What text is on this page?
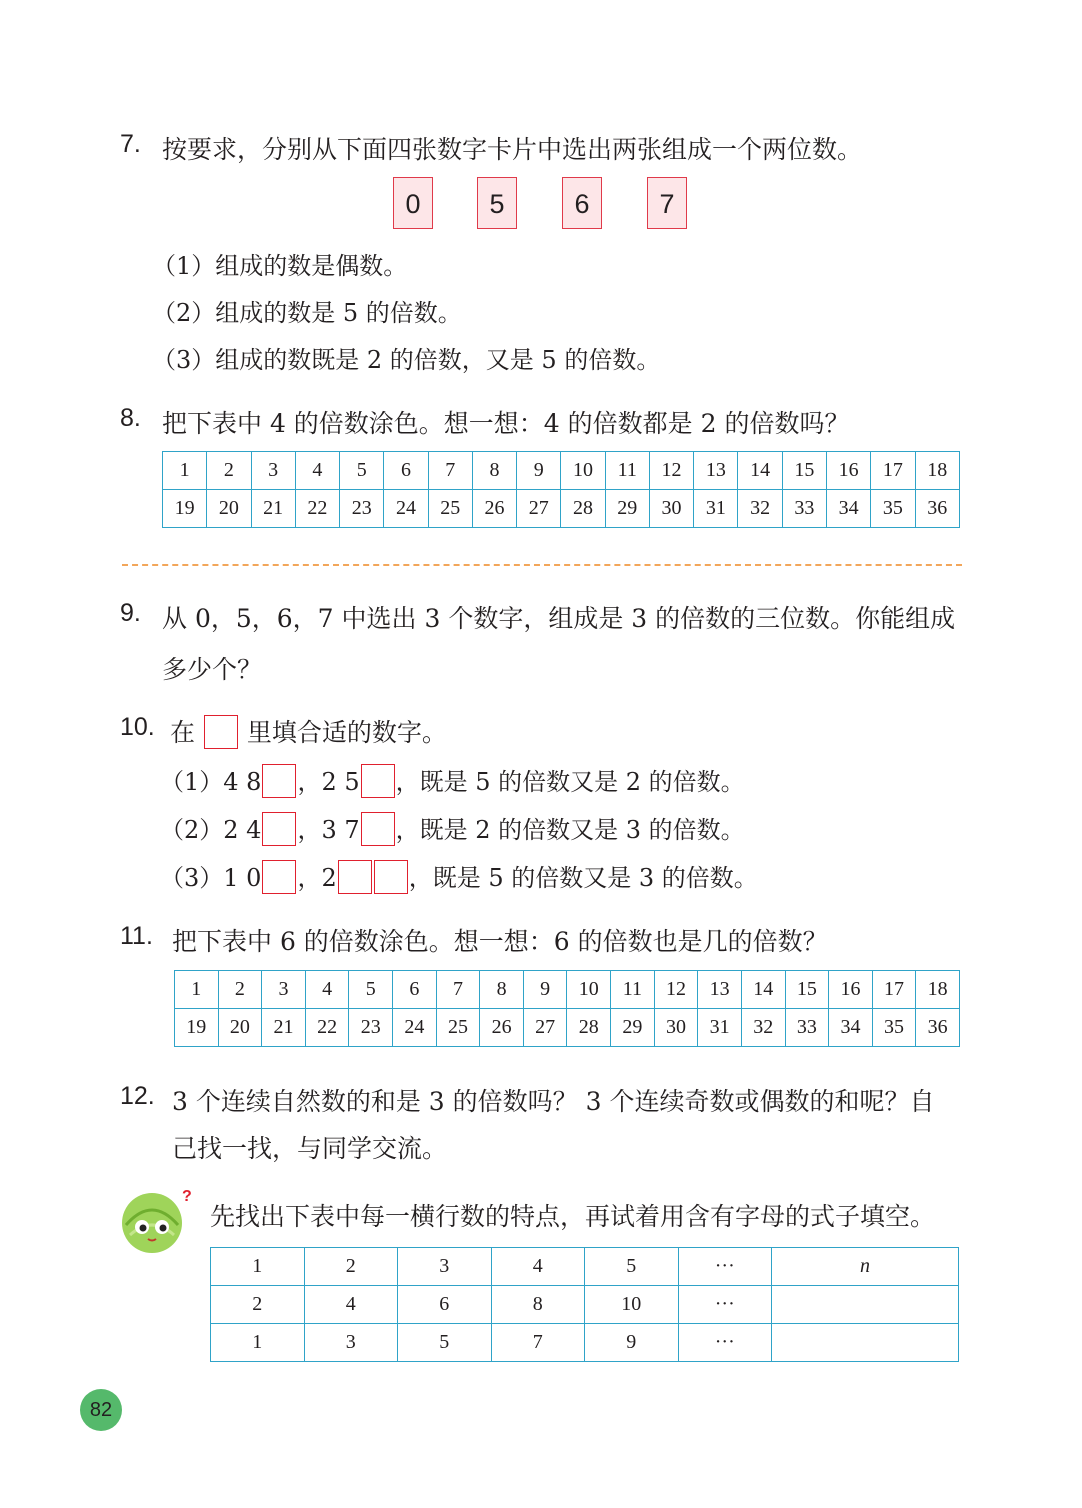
7. 按要求，分别从下面四张数字卡片中选出两张组成一个两位数。
0	5	6	7
（1）组成的数是偶数。
（2）组成的数是 5 的倍数。
（3）组成的数既是 2 的倍数，又是 5 的倍数。
8. 把下表中 4 的倍数涂色。想一想：4 的倍数都是 2 的倍数吗？
1	2	3	4	5	6	7	8	9	10	11	12	13	14	15	16	17	18
19	20	21	22	23	24	25	26	27	28	29	30	31	32	33	34	35	36
9. 从 0，5，6，7 中选出 3 个数字，组成是 3 的倍数的三位数。你能组成
多少个？
10. 在 里填合适的数字。
（1）4 8 ，2 5 ，既是 5 的倍数又是 2 的倍数。
（2）2 4 ，3 7 ，既是 2 的倍数又是 3 的倍数。
（3）1 0 ，2	，既是 5 的倍数又是 3 的倍数。
11. 把下表中 6 的倍数涂色。想一想：6 的倍数也是几的倍数？
1	2	3	4	5	6	7	8	9	10	11	12	13	14	15	16	17	18
19	20	21	22	23	24	25	26	27	28	29	30	31	32	33	34	35	36
12. 3 个连续自然数的和是 3 的倍数吗？ 3 个连续奇数或偶数的和呢？自
己找一找，与同学交流。
?
先找出下表中每一横行数的特点，再试着用含有字母的式子填空。
1	2	3	4	5	···	n
2	4	6	8	10	···	
1	3	5	7	9	···	
82
